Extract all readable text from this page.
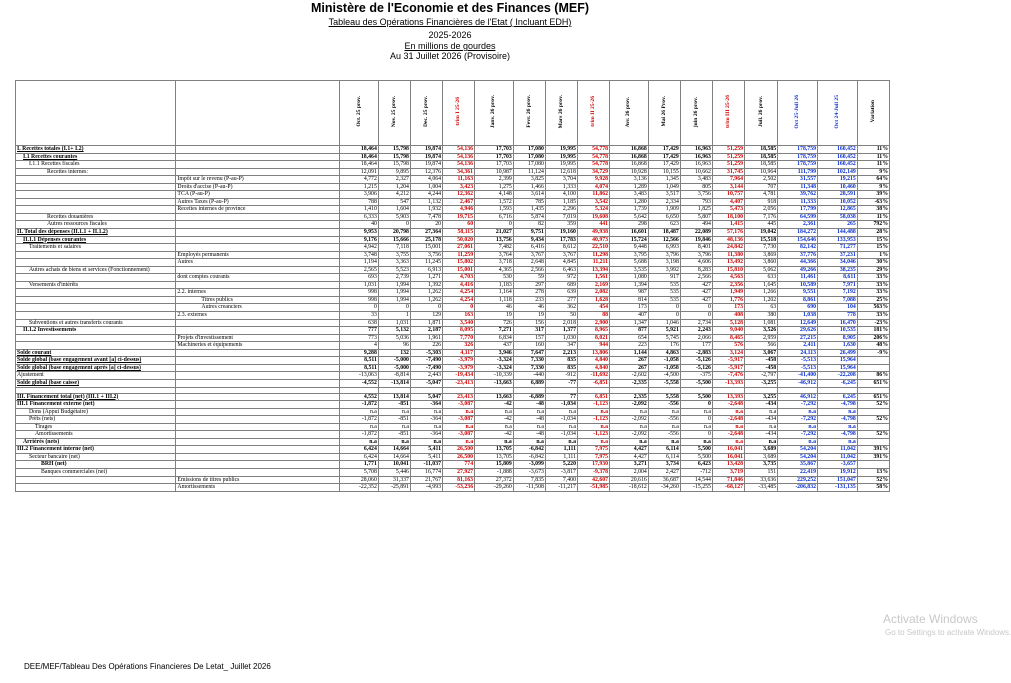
Ministère de l'Economie et des Finances (MEF)
Tableau des Opérations Financières de l'Etat ( Incluant EDH)
2025-2026
En millions de gourdes
Au 31 Juillet 2026 (Provisoire)
		Oct. 25 prov.	Nov. 25 prov.	Dec. 25 prov.	trim I 25-26	Janv. 26 prov.	Fevr. 26 prov.	Mars 26 prov.	trim II 25-26	Avr. 26 prov.	Mai 26 Prov.	juin 26 prov.	trim III 25-26	Juil. 26 prov.	Oct 25-Juil 26	Oct 24-Juil 25	Variation
I. Recettes totales (I.1+ I.2)		18,464	15,798	19,874	54,136	17,703	17,080	19,995	54,778	16,868	17,429	16,963	51,259	18,585	178,759	160,452	11%
I.1 Recettes courantes		18,464	15,798	19,874	54,136	17,703	17,080	19,995	54,778	16,868	17,429	16,963	51,259	18,585	178,759	160,452	11%
I.1.1 Recettes fiscales		18,464	15,798	19,874	54,136	17,703	17,080	19,995	54,778	16,868	17,429	16,963	51,259	18,585	178,759	160,452	11%
Recettes internes:		12,091	9,895	12,376	34,361	10,987	11,124	12,618	34,729	10,928	10,155	10,662	31,745	10,964	111,799	102,149	9%
	Impôt sur le revenu (P-au-P)	4,772	2,327	4,064	11,163	2,399	3,825	3,704	9,928	3,136	1,345	3,483	7,964	2,502	31,557	19,215	64%
	Droits d'accise (P-au-P)	1,215	1,204	1,004	3,423	1,275	1,466	1,333	4,074	1,289	1,049	805	3,144	707	11,348	10,460	9%
	TCA (P-au-P)	3,906	4,212	4,244	12,362	4,148	3,614	4,100	11,862	3,483	3,517	3,756	10,757	4,781	39,762	28,591	39%
	Autres Taxes (P-au-P)	788	547	1,132	2,467	1,572	785	1,185	3,542	1,280	2,334	793	4,407	918	11,333	10,052	-63%
	Recettes internes de province	1,410	1,604	1,932	4,946	1,593	1,435	2,296	5,324	1,739	1,909	1,825	5,473	2,056	17,799	12,865	38%
Recettes douanières		6,333	5,903	7,478	19,715	6,716	5,874	7,019	19,608	5,642	6,650	5,807	18,100	7,176	64,599	58,038	11%
Autres ressources fiscales		40	0	20	60	0	82	359	441	298	623	494	1,415	445	2,361	265	792%
II. Total des dépenses (II.1.1 + II.1.2)		9,953	20,798	27,364	58,115	21,027	9,751	19,160	49,938	16,601	18,487	22,089	57,176	19,042	184,272	144,488	28%
II.1.1 Dépenses courantes		9,176	15,666	25,178	50,020	13,756	9,434	17,783	40,973	15,724	12,566	19,846	48,136	15,518	154,646	133,953	15%
Traitements et salaires		4,942	7,118	15,001	27,061	7,482	6,416	8,612	22,510	9,448	6,993	8,401	24,842	7,730	82,142	71,277	15%
	Employés permanents	3,748	3,755	3,756	11,259	3,764	3,767	3,767	11,298	3,795	3,796	3,796	11,380	3,869	37,776	37,231	1%
	Autres	1,194	3,363	11,245	15,802	3,718	2,648	4,845	11,211	5,688	3,198	4,606	13,492	3,860	44,366	34,046	30%
Autres achats de biens et services (Fonctionnement)		2,565	5,523	6,913	15,001	4,365	2,566	6,463	13,394	3,535	3,992	8,283	15,810	5,062	49,266	38,235	29%
	dont comptes courants	693	2,739	1,271	4,703	530	59	972	1,561	1,080	917	2,566	4,563	633	11,461	8,611	33%
Versements d'intérêts		1,031	1,994	1,392	4,416	1,183	297	689	2,169	1,394	535	427	2,356	1,645	10,589	7,971	33%
	2.2. internes	998	1,994	1,262	4,254	1,164	278	639	2,082	987	535	427	1,949	1,266	9,551	7,192	33%
	Titres publics	998	1,994	1,262	4,254	1,118	233	277	1,628	814	535	427	1,776	1,202	8,861	7,088	25%
	Autres creanciers	0	0	0	0	46	46	362	454	173	0	0	173	63	690	104	563%
	2.3. externes	33	1	129	163	19	19	50	88	407	0	0	408	380	1,038	778	33%
Subventions et autres transferts courants		638	1,031	1,871	3,540	726	156	2,018	2,900	1,347	1,046	2,734	5,128	1,081	12,649	16,470	-23%
II.1.2 Investissements		777	5,132	2,187	8,095	7,271	317	1,377	8,965	877	5,921	2,243	9,040	3,526	29,626	10,535	181%
	Projets d'investissement	773	5,036	1,961	7,770	6,834	157	1,030	8,021	654	5,745	2,066	8,465	2,959	27,215	8,905	206%
	Machineries et équipements	4	96	226	326	437	160	347	944	223	176	177	576	566	2,411	1,630	48%
Solde courant		9,288	132	-5,303	4,117	3,946	7,647	2,213	13,806	1,144	4,863	-2,883	3,124	3,067	24,113	26,499	-9%
Solde global (base engagement avant [a] ci-dessus)		8,511	-5,000	-7,490	-3,979	-3,324	7,330	835	4,840	267	-1,058	-5,126	-5,917	-458	-5,513	15,964	
Solde global (base engagement après [a] ci-dessus)		8,511	-5,000	-7,490	-3,979	-3,324	7,330	835	4,840	267	-1,058	-5,126	-5,917	-458	-5,513	15,964	
Ajustement		-13,063	-8,814	2,443	-19,434	-10,339	-440	-912	-11,692	-2,602	-4,500	-375	-7,476	-2,797	-41,400	-22,208	86%
Solde global (base caisse)		-4,552	-13,814	-5,047	-23,413	-13,663	6,889	-77	-6,851	-2,335	-5,558	-5,500	-13,393	-3,255	-46,912	-6,245	651%

III. Financement total (net) (III.1 + III.2)		4,552	13,814	5,047	23,413	13,663	-6,889	77	6,851	2,335	5,558	5,500	13,393	3,255	46,912	6,245	651%
III.1 Financement externe (net)		-1,872	-851	-364	-3,087	-42	-48	-1,034	-1,123	-2,092	-556	0	-2,648	-434	-7,292	-4,798	52%
Dons (Appui Budgétaire)		n.a	n.a	n.a	n.a	n.a	n.a	n.a	n.a	n.a	n.a	n.a	n.a	n.a	n.a	n.a	
Prêts (nets)		-1,872	-851	-364	-3,087	-42	-48	-1,034	-1,123	-2,092	-556	0	-2,648	-434	-7,292	-4,798	52%
Tirages		n.a	n.a	n.a	n.a	n.a	n.a	n.a	n.a	n.a	n.a	n.a	n.a	n.a	n.a	n.a	
Amortissements		-1,872	-851	-364	-3,087	-42	-48	-1,034	-1,123	-2,092	-556	0	-2,648	-434	-7,292	-4,798	52%
Arriérés (nets)		n.a	n.a	n.a	n.a	n.a	n.a	n.a	n.a	n.a	n.a	n.a	n.a	n.a	n.a	n.a	
III.2 Financement interne (net)		6,424	14,664	5,411	26,500	13,705	-6,842	1,111	7,975	4,427	6,114	5,500	16,041	3,689	54,204	11,042	391%
Secteur bancaire (net)		6,424	14,664	5,411	26,500	13,705	-6,842	1,111	7,975	4,427	6,114	5,500	16,041	3,689	54,204	11,042	391%
BRH (net)		1,771	10,041	-11,037	774	15,809	-3,099	5,220	17,930	3,271	3,734	6,423	13,428	3,735	35,867	-3,657	
Banques commerciales (net)		5,708	5,446	16,774	27,927	-1,888	-3,673	-3,817	-9,378	2,004	2,427	-712	3,719	151	22,419	19,912	13%
	Emissions de titres publics	28,060	31,337	21,767	81,163	27,372	7,835	7,400	42,607	20,616	36,687	14,544	71,846	33,636	229,252	151,047	52%
	Amortissements	-22,352	-25,891	-4,993	-53,236	-29,260	-11,508	-11,217	-51,985	-18,612	-34,260	-15,255	-68,127	-33,485	-206,832	-131,135	58%
DEE/MEF/Tableau Des Opérations Financieres De Letat_ Juillet 2026
Activate Windows
Go to Settings to activate Windows.
